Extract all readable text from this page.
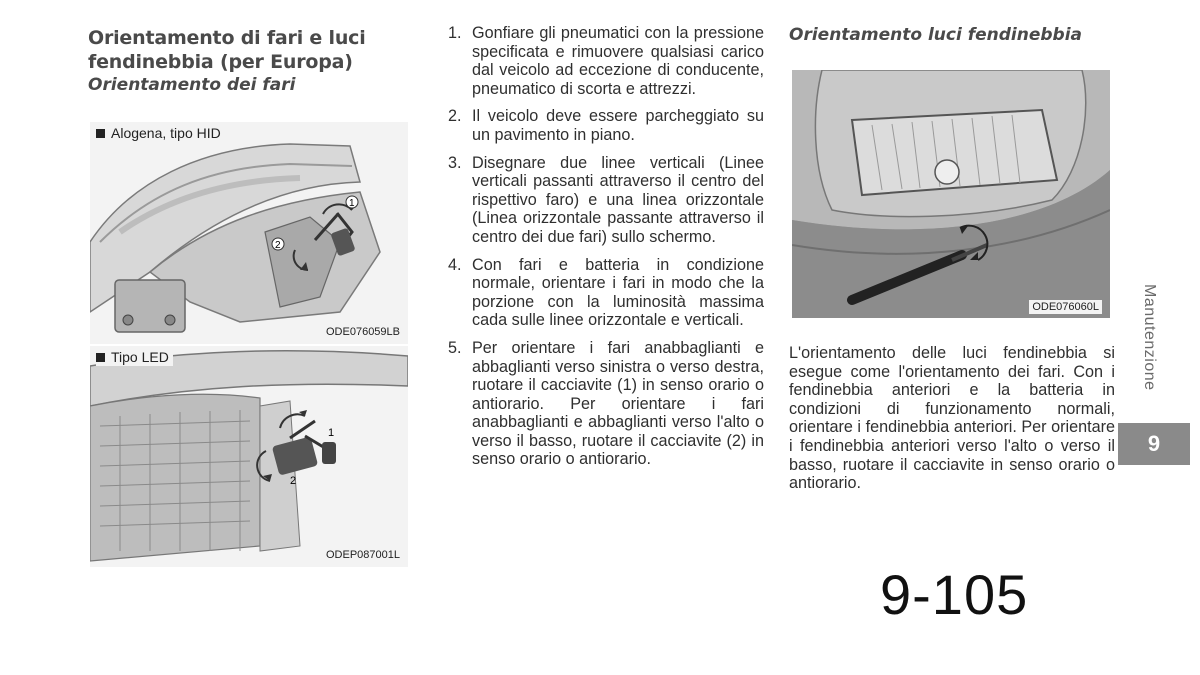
Orientamento di fari e luci
fendinebbia (per Europa)
Orientamento dei fari
1
2
Alogena, tipo HID
ODE076059LB
1
2
Tipo LED
ODEP087001L
1. Gonfiare gli pneumatici con la pressione specificata e rimuovere qualsiasi carico dal veicolo ad eccezione di conducente, pneumatico di scorta e attrezzi.
2. Il veicolo deve essere parcheggiato su un pavimento in piano.
3. Disegnare due linee verticali (Linee verticali passanti attraverso il centro del rispettivo faro) e una linea orizzontale (Linea orizzontale passante attraverso il centro dei due fari) sullo schermo.
4. Con fari e batteria in condizione normale, orientare i fari in modo che la porzione con la luminosità massima cada sulle linee orizzontale e verticali.
5. Per orientare i fari anabbaglianti e abbaglianti verso sinistra o verso destra, ruotare il cacciavite (1) in senso orario o antiorario. Per orientare i fari anabbaglianti e abbaglianti verso l'alto o verso il basso, ruotare il cacciavite (2) in senso orario o antiorario.
Orientamento luci fendinebbia
ODE076060L

L'orientamento delle luci fendinebbia si esegue come l'orientamento dei fari. Con i fendinebbia anteriori e la batteria in condizioni di funzionamento normali, orientare i fendinebbia anteriori. Per orientare i fendinebbia anteriori verso l'alto o verso il basso, ruotare il cacciavite in senso orario o antiorario.

Manutenzione
9
9-105
